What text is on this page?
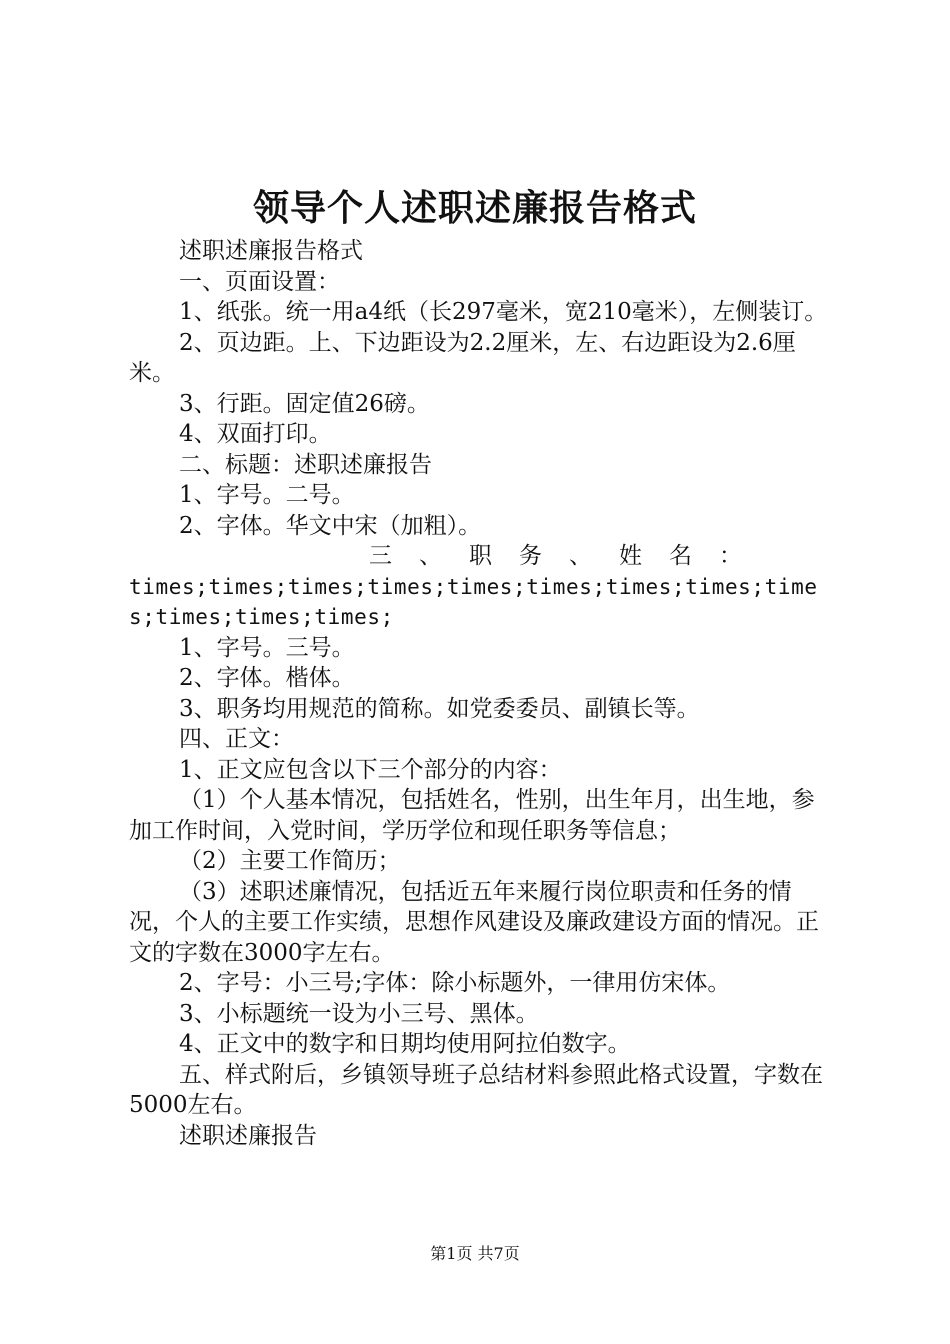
领导个人述职述廉报告格式

述职述廉报告格式

一、页面设置：

1、纸张。统一用a4纸（长297毫米，宽210毫米），左侧装订。

2、页边距。上、下边距设为2.2厘米，左、右边距设为2.6厘米。

3、行距。固定值26磅。

4、双面打印。

二、标题：述职述廉报告

1、字号。二号。

2、字体。华文中宋（加粗）。

三、职务、姓名：

times;times;times;times;times;times;times;times;times;times;times;times;

1、字号。三号。

2、字体。楷体。

3、职务均用规范的简称。如党委委员、副镇长等。

四、正文：

1、正文应包含以下三个部分的内容：

（1）个人基本情况，包括姓名，性别，出生年月，出生地，参加工作时间，入党时间，学历学位和现任职务等信息；

（2）主要工作简历；

（3）述职述廉情况，包括近五年来履行岗位职责和任务的情况，个人的主要工作实绩，思想作风建设及廉政建设方面的情况。正文的字数在3000字左右。

2、字号：小三号;字体：除小标题外，一律用仿宋体。

3、小标题统一设为小三号、黑体。

4、正文中的数字和日期均使用阿拉伯数字。

五、样式附后，乡镇领导班子总结材料参照此格式设置，字数在5000左右。

述职述廉报告

第1页 共7页
